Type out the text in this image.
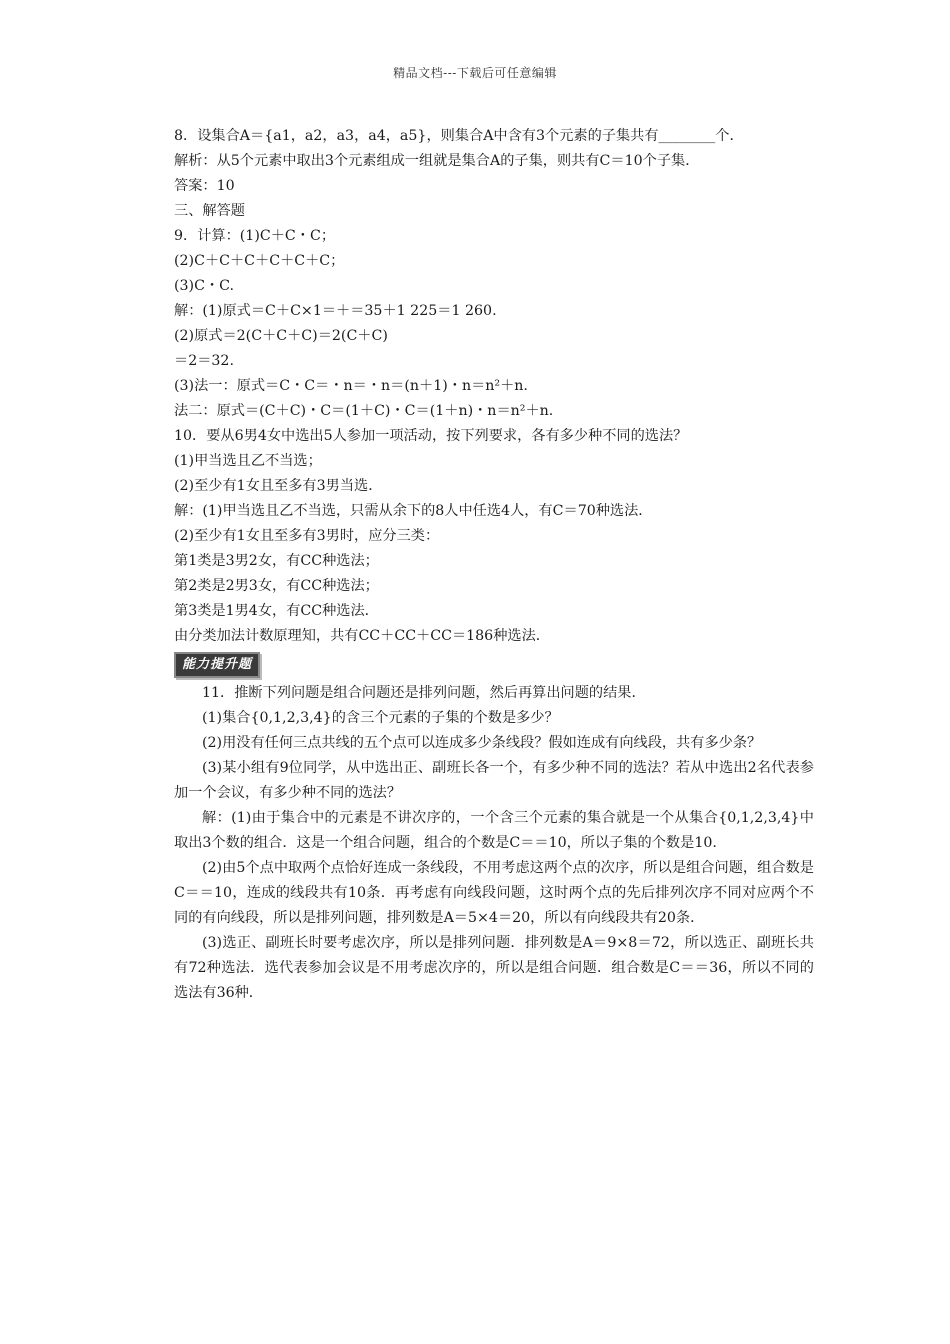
精品文档---下载后可任意编辑
8．设集合A＝{a1，a2，a3，a4，a5}，则集合A中含有3个元素的子集共有________个．
解析：从5个元素中取出3个元素组成一组就是集合A的子集，则共有C＝10个子集．
答案：10
三、解答题
9．计算：(1)C＋C・C；
(2)C＋C＋C＋C＋C＋C；
(3)C・C.
解：(1)原式＝C＋C×1＝＋＝35＋1 225＝1 260.
(2)原式＝2(C＋C＋C)＝2(C＋C)
＝2＝32.
(3)法一：原式＝C・C＝・n＝・n＝(n＋1)・n＝n²＋n.
法二：原式＝(C＋C)・C＝(1＋C)・C＝(1＋n)・n＝n²＋n.
10．要从6男4女中选出5人参加一项活动，按下列要求，各有多少种不同的选法？
(1)甲当选且乙不当选；
(2)至少有1女且至多有3男当选．
解：(1)甲当选且乙不当选，只需从余下的8人中任选4人，有C＝70种选法．
(2)至少有1女且至多有3男时，应分三类：
第1类是3男2女，有CC种选法；
第2类是2男3女，有CC种选法；
第3类是1男4女，有CC种选法．
由分类加法计数原理知，共有CC＋CC＋CC＝186种选法．
能力提升题
11．推断下列问题是组合问题还是排列问题，然后再算出问题的结果．
(1)集合{0,1,2,3,4}的含三个元素的子集的个数是多少？
(2)用没有任何三点共线的五个点可以连成多少条线段？假如连成有向线段，共有多少条？
(3)某小组有9位同学，从中选出正、副班长各一个，有多少种不同的选法？若从中选出2名代表参加一个会议，有多少种不同的选法？
解：(1)由于集合中的元素是不讲次序的，一个含三个元素的集合就是一个从集合{0,1,2,3,4}中取出3个数的组合．这是一个组合问题，组合的个数是C＝＝10，所以子集的个数是10.
(2)由5个点中取两个点恰好连成一条线段，不用考虑这两个点的次序，所以是组合问题，组合数是C＝＝10，连成的线段共有10条．再考虑有向线段问题，这时两个点的先后排列次序不同对应两个不同的有向线段，所以是排列问题，排列数是A＝5×4＝20，所以有向线段共有20条．
(3)选正、副班长时要考虑次序，所以是排列问题．排列数是A＝9×8＝72，所以选正、副班长共有72种选法．选代表参加会议是不用考虑次序的，所以是组合问题．组合数是C＝＝36，所以不同的选法有36种．
